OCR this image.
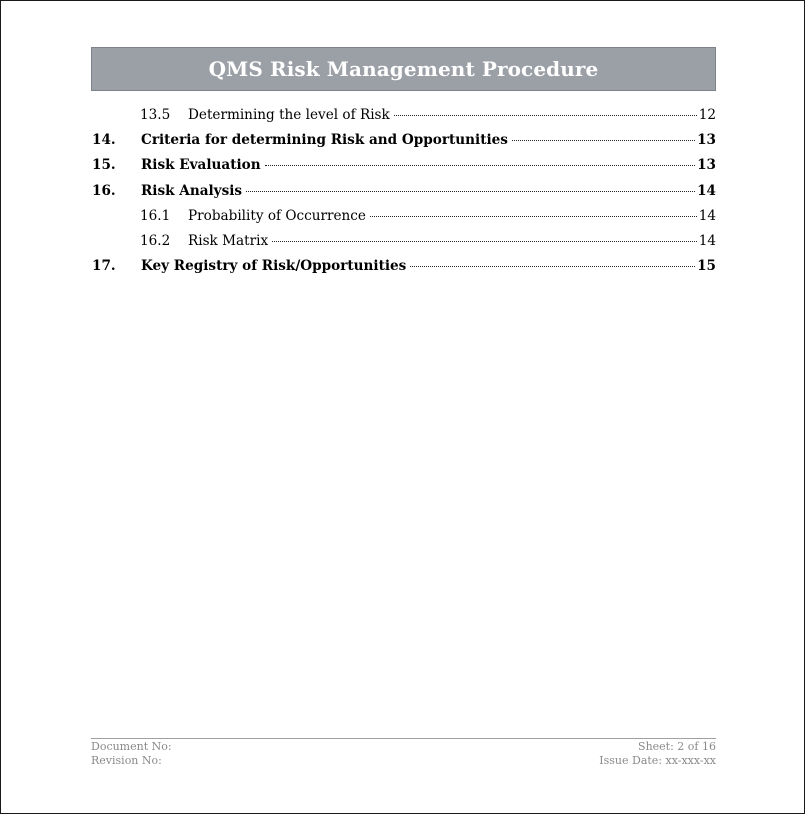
QMS Risk Management Procedure
13.5	Determining the level of Risk	12
14.	Criteria for determining Risk and Opportunities	13
15.	Risk Evaluation	13
16.	Risk Analysis	14
16.1	Probability of Occurrence	14
16.2	Risk Matrix	14
17.	Key Registry of Risk/Opportunities	15
Document No:	Sheet: 2 of 16
Revision No:	Issue Date: xx-xxx-xx
